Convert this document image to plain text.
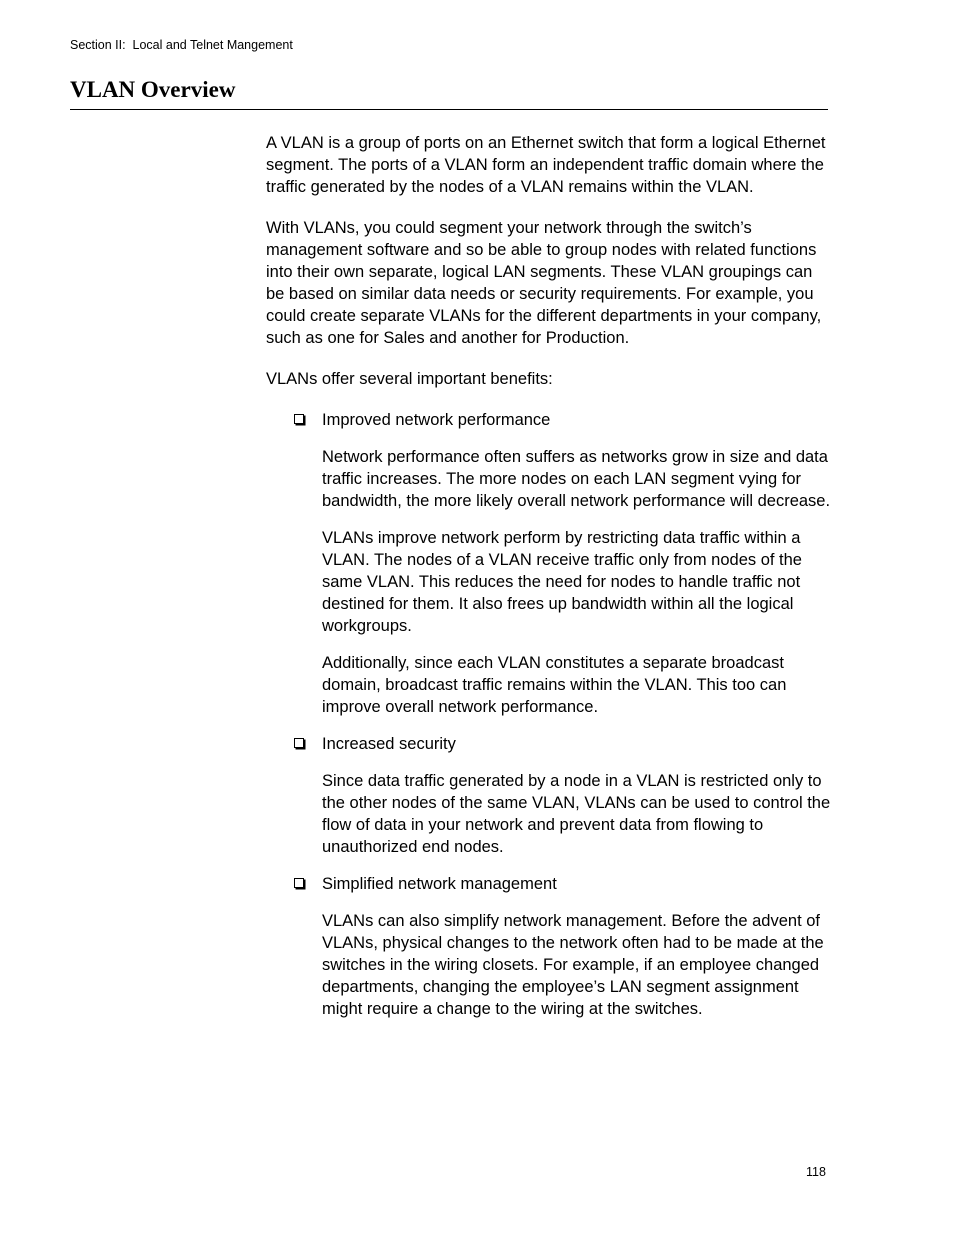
Section II:  Local and Telnet Mangement
VLAN Overview

A VLAN is a group of ports on an Ethernet switch that form a logical Ethernet segment. The ports of a VLAN form an independent traffic domain where the traffic generated by the nodes of a VLAN remains within the VLAN.

With VLANs, you could segment your network through the switch’s management software and so be able to group nodes with related functions into their own separate, logical LAN segments. These VLAN groupings can be based on similar data needs or security requirements. For example, you could create separate VLANs for the different departments in your company, such as one for Sales and another for Production.

VLANs offer several important benefits:

Improved network performance
Network performance often suffers as networks grow in size and data traffic increases. The more nodes on each LAN segment vying for bandwidth, the more likely overall network performance will decrease.
VLANs improve network perform by restricting data traffic within a VLAN. The nodes of a VLAN receive traffic only from nodes of the same VLAN. This reduces the need for nodes to handle traffic not destined for them. It also frees up bandwidth within all the logical workgroups.
Additionally, since each VLAN constitutes a separate broadcast domain, broadcast traffic remains within the VLAN. This too can improve overall network performance.
Increased security
Since data traffic generated by a node in a VLAN is restricted only to the other nodes of the same VLAN, VLANs can be used to control the flow of data in your network and prevent data from flowing to unauthorized end nodes.
Simplified network management
VLANs can also simplify network management. Before the advent of VLANs, physical changes to the network often had to be made at the switches in the wiring closets. For example, if an employee changed departments, changing the employee’s LAN segment assignment might require a change to the wiring at the switches.
118
